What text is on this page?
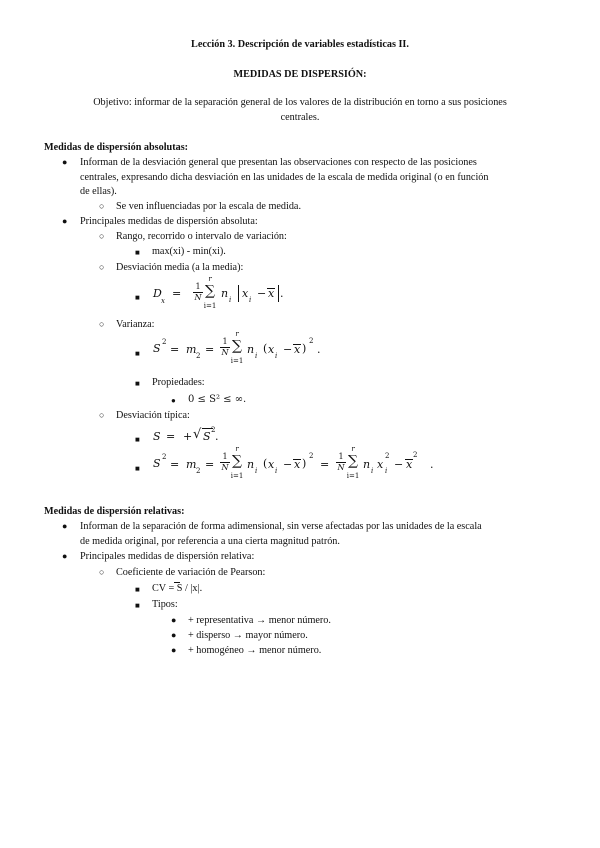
Lección 3. Descripción de variables estadísticas II.
MEDIDAS DE DISPERSIÓN:
Objetivo: informar de la separación general de los valores de la distribución en torno a sus posiciones
centrales.
Medidas de dispersión absolutas:
● Informan de la desviación general que presentan las observaciones con respecto de las posiciones
centrales, expresando dicha desviación en las unidades de la escala de medida original (o en función
de ellas).
○ Se ven influenciadas por la escala de medida.
● Principales medidas de dispersión absoluta:
○ Rango, recorrido o intervalo de variación:
■ max(xi) - min(xi).
○ Desviación media (a la media):
■ D
x
=
1
N
r
∑
i=1
n i x i − x .
○ Varianza:
■ S 2
= m 2 =
1
N
r
∑
i=1
n i
( x i − x )
2
.
■ Propiedades:
● 0 ≤ S² ≤ ∞.
○ Desviación típica:
■ S = + √ S 2 .
■ S 2
= m 2 =
1
N
r
∑
i=1
n i
( x i − x )
2
=
1
N
r
∑
i=1
n i x
2
i − x
2
.
Medidas de dispersión relativas:
● Informan de la separación de forma adimensional, sin verse afectadas por las unidades de la escala
de medida original, por referencia a una cierta magnitud patrón.
● Principales medidas de dispersión relativa:
○ Coeficiente de variación de Pearson:
■ CV = S / |x|.
■ Tipos:
● + representativa → menor número.
● + disperso → mayor número.
● + homogéneo → menor número.
